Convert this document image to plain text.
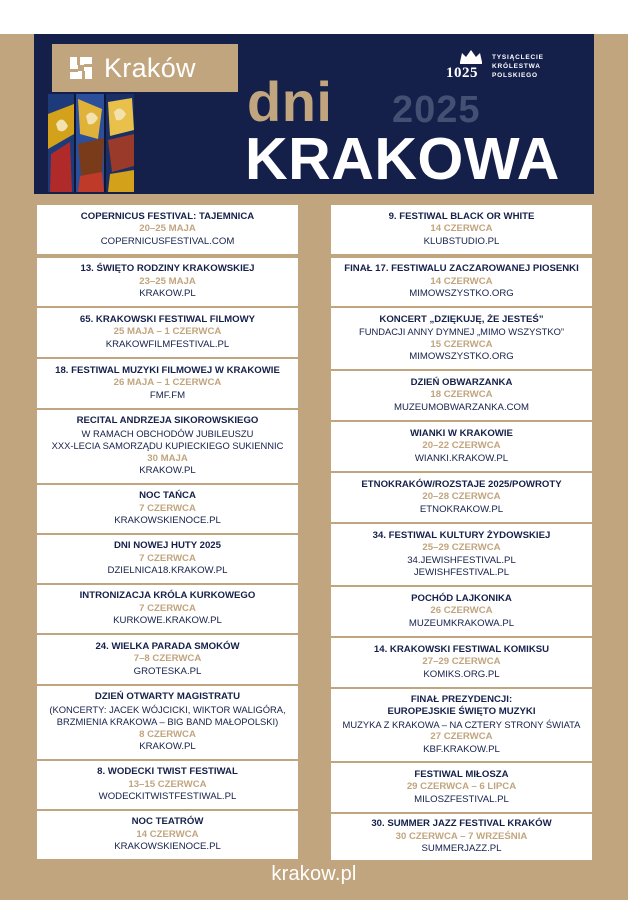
Kraków	1025
TYSIĄCLECIE
KRÓLESTWA
POLSKIEGO
dni 2025
KRAKOWA
COPERNICUS FESTIVAL: TAJEMNICA
20–25 MAJA
COPERNICUSFESTIVAL.COM
13. ŚWIĘTO RODZINY KRAKOWSKIEJ
23–25 MAJA
KRAKOW.PL
65. KRAKOWSKI FESTIWAL FILMOWY
25 MAJA – 1 CZERWCA
KRAKOWFILMFESTIVAL.PL
18. FESTIWAL MUZYKI FILMOWEJ W KRAKOWIE
26 MAJA – 1 CZERWCA
FMF.FM
RECITAL ANDRZEJA SIKOROWSKIEGO
W RAMACH OBCHODÓW JUBILEUSZU
XXX-LECIA SAMORZĄDU KUPIECKIEGO SUKIENNIC
30 MAJA
KRAKOW.PL
NOC TAŃCA
7 CZERWCA
KRAKOWSKIENOCE.PL
DNI NOWEJ HUTY 2025
7 CZERWCA
DZIELNICA18.KRAKOW.PL
INTRONIZACJA KRÓLA KURKOWEGO
7 CZERWCA
KURKOWE.KRAKOW.PL
24. WIELKA PARADA SMOKÓW
7–8 CZERWCA
GROTESKA.PL
DZIEŃ OTWARTY MAGISTRATU
(KONCERTY: JACEK WÓJCICKI, WIKTOR WALIGÓRA,
BRZMIENIA KRAKOWA – BIG BAND MAŁOPOLSKI)
8 CZERWCA
KRAKOW.PL
8. WODECKI TWIST FESTIWAL
13–15 CZERWCA
WODECKITWISTFESTIWAL.PL
NOC TEATRÓW
14 CZERWCA
KRAKOWSKIENOCE.PL
9. FESTIWAL BLACK OR WHITE
14 CZERWCA
KLUBSTUDIO.PL
FINAŁ 17. FESTIWALU ZACZAROWANEJ PIOSENKI
14 CZERWCA
MIMOWSZYSTKO.ORG
KONCERT „DZIĘKUJĘ, ŻE JESTEŚ”
FUNDACJI ANNY DYMNEJ „MIMO WSZYSTKO”
15 CZERWCA
MIMOWSZYSTKO.ORG
DZIEŃ OBWARZANKA
18 CZERWCA
MUZEUMOBWARZANKA.COM
WIANKI W KRAKOWIE
20–22 CZERWCA
WIANKI.KRAKOW.PL
ETNOKRAKÓW/ROZSTAJE 2025/POWROTY
20–28 CZERWCA
ETNOKRAKOW.PL
34. FESTIWAL KULTURY ŻYDOWSKIEJ
25–29 CZERWCA
34.JEWISHFESTIVAL.PL
JEWISHFESTIVAL.PL
POCHÓD LAJKONIKA
26 CZERWCA
MUZEUMKRAKOWA.PL
14. KRAKOWSKI FESTIWAL KOMIKSU
27–29 CZERWCA
KOMIKS.ORG.PL
FINAŁ PREZYDENCJI:
EUROPEJSKIE ŚWIĘTO MUZYKI
MUZYKA Z KRAKOWA – NA CZTERY STRONY ŚWIATA
27 CZERWCA
KBF.KRAKOW.PL
FESTIWAL MIŁOSZA
29 CZERWCA – 6 LIPCA
MILOSZFESTIVAL.PL
30. SUMMER JAZZ FESTIVAL KRAKÓW
30 CZERWCA – 7 WRZEŚNIA
SUMMERJAZZ.PL
krakow.pl
